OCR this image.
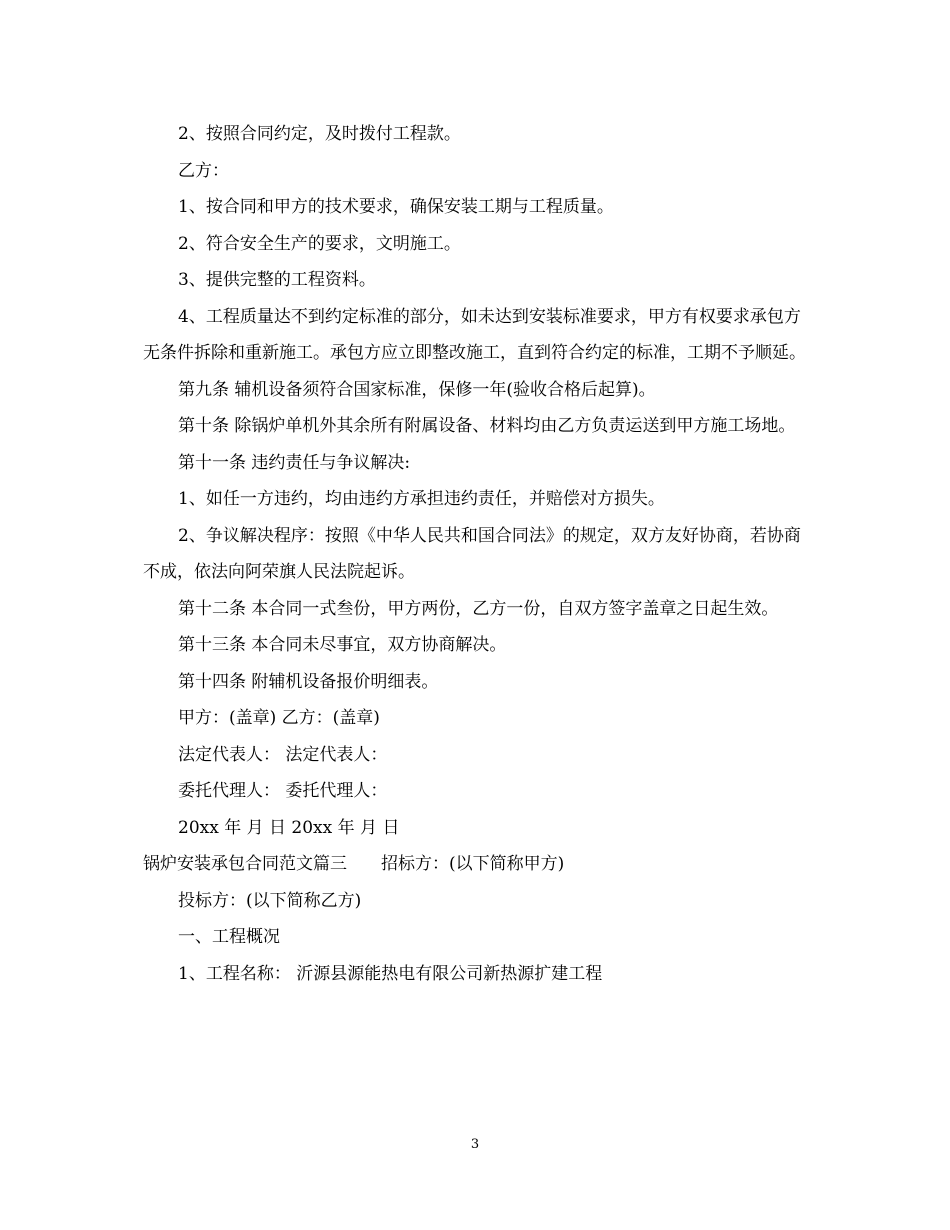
2、按照合同约定，及时拨付工程款。

乙方：

1、按合同和甲方的技术要求，确保安装工期与工程质量。

2、符合安全生产的要求，文明施工。

3、提供完整的工程资料。

4、工程质量达不到约定标准的部分，如未达到安装标准要求，甲方有权要求承包方无条件拆除和重新施工。承包方应立即整改施工，直到符合约定的标准，工期不予顺延。

第九条 辅机设备须符合国家标准，保修一年(验收合格后起算)。

第十条 除锅炉单机外其余所有附属设备、材料均由乙方负责运送到甲方施工场地。

第十一条 违约责任与争议解决:

1、如任一方违约，均由违约方承担违约责任，并赔偿对方损失。

2、争议解决程序：按照《中华人民共和国合同法》的规定，双方友好协商，若协商不成，依法向阿荣旗人民法院起诉。

第十二条 本合同一式叁份，甲方两份，乙方一份，自双方签字盖章之日起生效。

第十三条 本合同未尽事宜，双方协商解决。

第十四条 附辅机设备报价明细表。

甲方：(盖章) 乙方：(盖章)

法定代表人： 法定代表人：

委托代理人： 委托代理人：

20xx 年 月 日 20xx 年 月 日

锅炉安装承包合同范文篇三 招标方：(以下简称甲方)

投标方：(以下简称乙方)

一、工程概况

1、工程名称： 沂源县源能热电有限公司新热源扩建工程

3
